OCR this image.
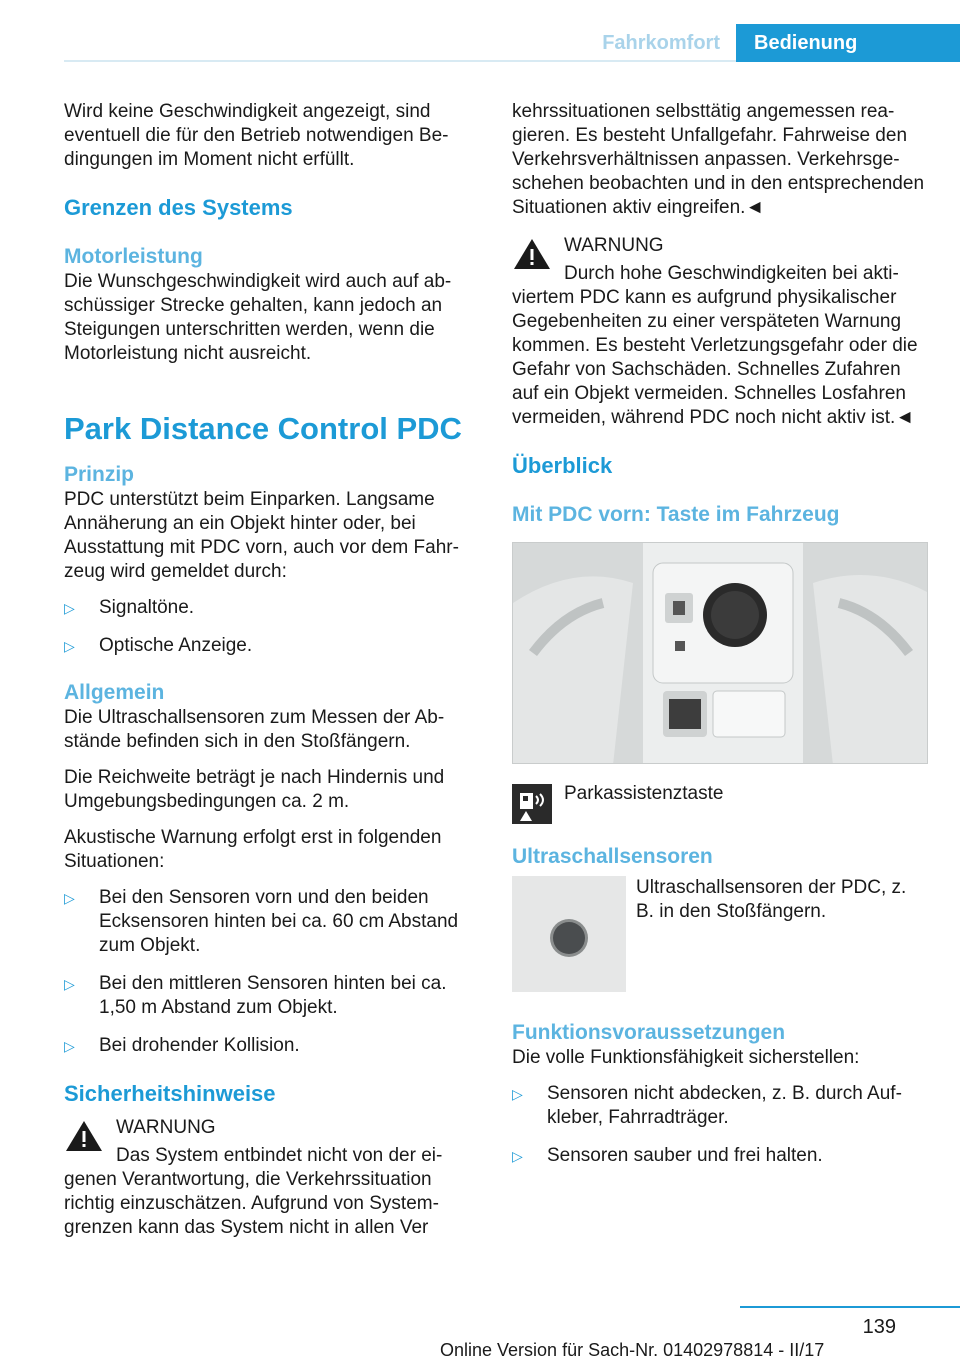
Fahrkomfort	Bedienung

Wird keine Geschwindigkeit angezeigt, sind eventuell die für den Betrieb notwendigen Bedingungen im Moment nicht erfüllt.

Grenzen des Systems
Motorleistung

Die Wunschgeschwindigkeit wird auch auf abschüssiger Strecke gehalten, kann jedoch an Steigungen unterschritten werden, wenn die Motorleistung nicht ausreicht.

Park Distance Control PDC
Prinzip

PDC unterstützt beim Einparken. Langsame Annäherung an ein Objekt hinter oder, bei Ausstattung mit PDC vorn, auch vor dem Fahrzeug wird gemeldet durch:

▷ Signaltöne.
▷ Optische Anzeige.
Allgemein

Die Ultraschallsensoren zum Messen der Abstände befinden sich in den Stoßfängern.

Die Reichweite beträgt je nach Hindernis und Umgebungsbedingungen ca. 2 m.

Akustische Warnung erfolgt erst in folgenden Situationen:

▷ Bei den Sensoren vorn und den beiden Ecksensoren hinten bei ca. 60 cm Abstand zum Objekt.
▷ Bei den mittleren Sensoren hinten bei ca. 1,50 m Abstand zum Objekt.
▷ Bei drohender Kollision.
Sicherheitshinweise
WARNUNG

Das System entbindet nicht von der eigenen Verantwortung, die Verkehrssituation richtig einzuschätzen. Aufgrund von Systemgrenzen kann das System nicht in allen Ver

kehrssituationen selbsttätig angemessen reagieren. Es besteht Unfallgefahr. Fahrweise den Verkehrsverhältnissen anpassen. Verkehrsgeschehen beobachten und in den entsprechenden Situationen aktiv eingreifen.◄

WARNUNG

Durch hohe Geschwindigkeiten bei aktiviertem PDC kann es aufgrund physikalischer Gegebenheiten zu einer verspäteten Warnung kommen. Es besteht Verletzungsgefahr oder die Gefahr von Sachschäden. Schnelles Zufahren auf ein Objekt vermeiden. Schnelles Losfahren vermeiden, während PDC noch nicht aktiv ist.◄

Überblick
Mit PDC vorn: Taste im Fahrzeug
Parkassistenztaste
Ultraschallsensoren
Ultraschallsensoren der PDC, z. B. in den Stoßfängern.
Funktionsvoraussetzungen

Die volle Funktionsfähigkeit sicherstellen:

▷ Sensoren nicht abdecken, z. B. durch Aufkleber, Fahrradträger.
▷ Sensoren sauber und frei halten.
139
Online Version für Sach-Nr. 01402978814 - II/17
